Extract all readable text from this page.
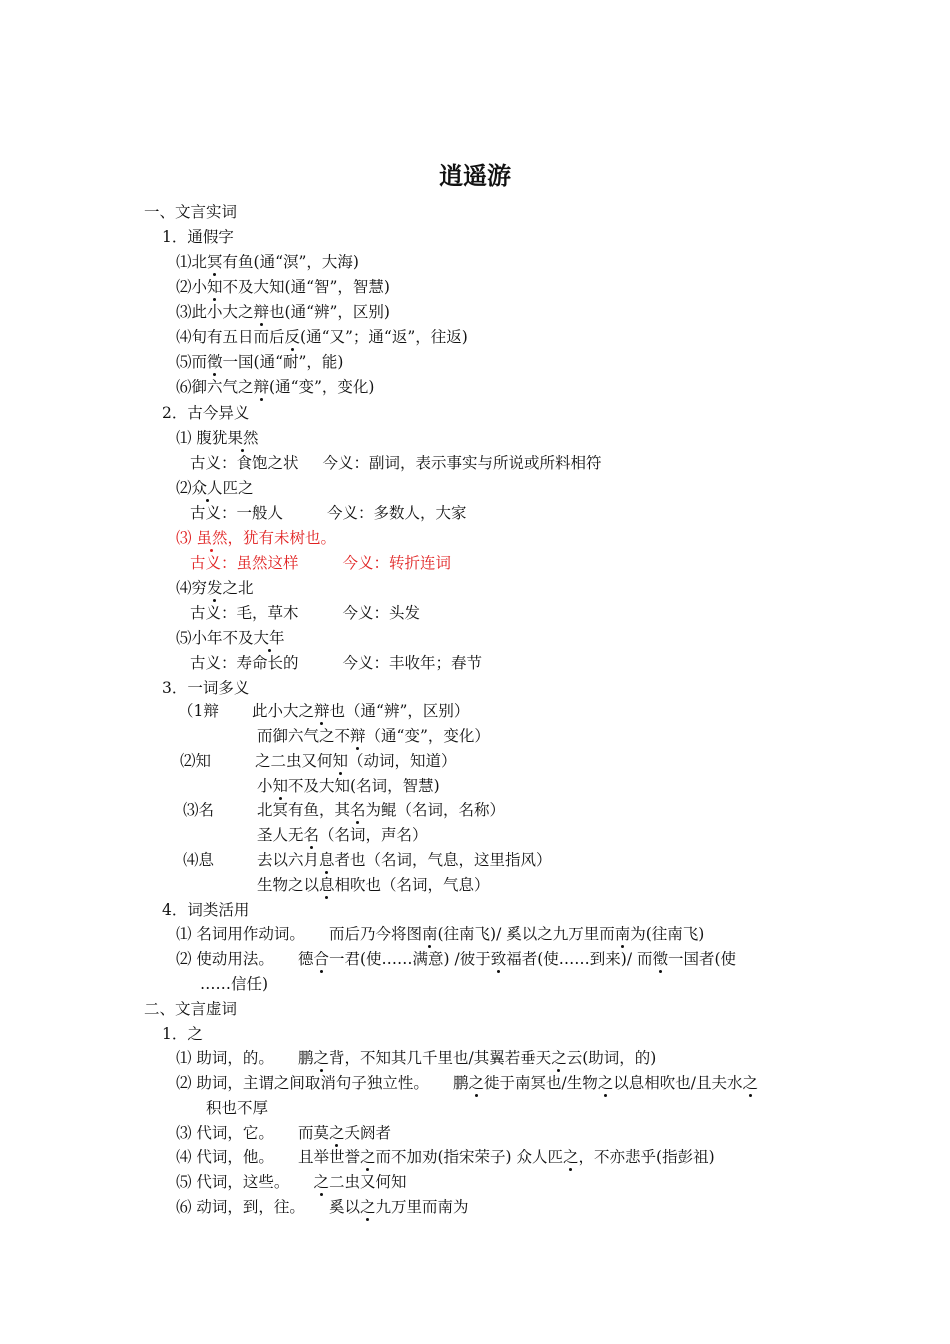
逍遥游
一、文言实词
1．通假字
⑴北冥有鱼(通“溟”，大海)
⑵小知不及大知(通“智”，智慧)
⑶此小大之辩也(通“辨”，区别)
⑷旬有五日而后反(通“又”；通“返”，往返)
⑸而徵一国(通“耐”，能)
⑹御六气之辩(通“变”，变化)
2．古今异义
⑴ 腹犹果然
古义：食饱之状 今义：副词，表示事实与所说或所料相符
⑵众人匹之
古义：一般人	今义：多数人，大家
⑶ 虽然，犹有未树也。
古义：虽然这样	今义：转折连词
⑷穷发之北
古义：毛，草木	今义：头发
⑸小年不及大年
古义：寿命长的	今义：丰收年；春节
3．一词多义
（1辩 此小大之辩也（通“辨”，区别）
而御六气之不辩（通“变”，变化）
⑵知	之二虫又何知（动词，知道）
小知不及大知(名词，智慧)
⑶名	北冥有鱼，其名为鲲（名词，名称）
圣人无名（名词，声名）
⑷息	去以六月息者也（名词，气息，这里指风）
生物之以息相吹也（名词，气息）
4．词类活用
⑴ 名词用作动词。 而后乃今将图南(往南飞)/ 奚以之九万里而南为(往南飞)
⑵ 使动用法。 德合一君(使……满意) /彼于致福者(使……到来)/ 而徵一国者(使
……信任)
二、文言虚词
1．之
⑴ 助词，的。 鹏之背，不知其几千里也/其翼若垂天之云(助词，的)
⑵ 助词，主谓之间取消句子独立性。 鹏之徙于南冥也/生物之以息相吹也/且夫水之
积也不厚
⑶ 代词，它。 而莫之夭阏者
⑷ 代词，他。 且举世誉之而不加劝(指宋荣子) 众人匹之，不亦悲乎(指彭祖)
⑸ 代词，这些。 之二虫又何知
⑹ 动词，到，往。 奚以之九万里而南为
